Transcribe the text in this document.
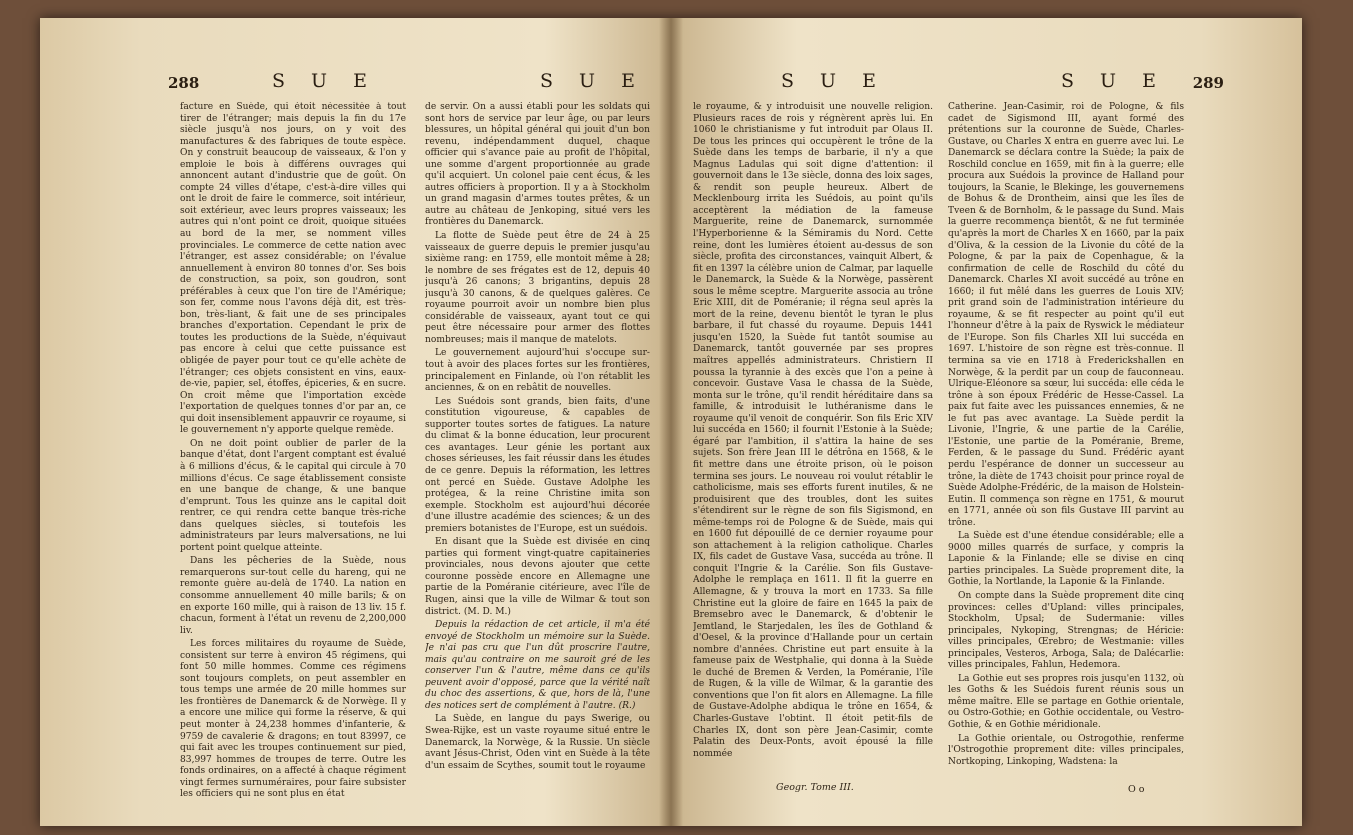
288	S U E	S U E

facture en Suède, qui étoit nécessitée à tout tirer de l'étranger; mais depuis la fin du 17e siècle jusqu'à nos jours, on y voit des manufactures & des fabriques de toute espèce. On y construit beaucoup de vaisseaux, & l'on y emploie le bois à différens ouvrages qui annoncent autant d'industrie que de goût. On compte 24 villes d'étape, c'est-à-dire villes qui ont le droit de faire le commerce, soit intérieur, soit extérieur, avec leurs propres vaisseaux; les autres qui n'ont point ce droit, quoique situées au bord de la mer, se nomment villes provinciales. Le commerce de cette nation avec l'étranger, est assez considérable; on l'évalue annuellement à environ 80 tonnes d'or. Ses bois de construction, sa poix, son goudron, sont préférables à ceux que l'on tire de l'Amérique; son fer, comme nous l'avons déjà dit, est très-bon, très-liant, & fait une de ses principales branches d'exportation. Cependant le prix de toutes les productions de la Suède, n'équivaut pas encore à celui que cette puissance est obligée de payer pour tout ce qu'elle achète de l'étranger; ces objets consistent en vins, eaux-de-vie, papier, sel, étoffes, épiceries, & en sucre. On croit même que l'importation excède l'exportation de quelques tonnes d'or par an, ce qui doit insensiblement appauvrir ce royaume, si le gouvernement n'y apporte quelque remède.

On ne doit point oublier de parler de la banque d'état, dont l'argent comptant est évalué à 6 millions d'écus, & le capital qui circule à 70 millions d'écus. Ce sage établissement consiste en une banque de change, & une banque d'emprunt. Tous les quinze ans le capital doit rentrer, ce qui rendra cette banque très-riche dans quelques siècles, si toutefois les administrateurs par leurs malversations, ne lui portent point quelque atteinte.

Dans les pêcheries de la Suède, nous remarquerons sur-tout celle du hareng, qui ne remonte guère au-delà de 1740. La nation en consomme annuellement 40 mille barils; & on en exporte 160 mille, qui à raison de 13 liv. 15 f. chacun, forment à l'état un revenu de 2,200,000 liv.

Les forces militaires du royaume de Suède, consistent sur terre à environ 45 régimens, qui font 50 mille hommes. Comme ces régimens sont toujours complets, on peut assembler en tous temps une armée de 20 mille hommes sur les frontières de Danemarck & de Norwège. Il y a encore une milice qui forme la réserve, & qui peut monter à 24,238 hommes d'infanterie, & 9759 de cavalerie & dragons; en tout 83997, ce qui fait avec les troupes continuement sur pied, 83,997 hommes de troupes de terre. Outre les fonds ordinaires, on a affecté à chaque régiment vingt fermes surnuméraires, pour faire subsister les officiers qui ne sont plus en état

de servir. On a aussi établi pour les soldats qui sont hors de service par leur âge, ou par leurs blessures, un hôpital général qui jouit d'un bon revenu, indépendamment duquel, chaque officier qui s'avance paie au profit de l'hôpital, une somme d'argent proportionnée au grade qu'il acquiert. Un colonel paie cent écus, & les autres officiers à proportion. Il y a à Stockholm un grand magasin d'armes toutes prêtes, & un autre au château de Jenkoping, situé vers les frontières du Danemarck.

La flotte de Suède peut être de 24 à 25 vaisseaux de guerre depuis le premier jusqu'au sixième rang: en 1759, elle montoit même à 28; le nombre de ses frégates est de 12, depuis 40 jusqu'à 26 canons; 3 brigantins, depuis 28 jusqu'à 30 canons, & de quelques galères. Ce royaume pourroit avoir un nombre bien plus considérable de vaisseaux, ayant tout ce qui peut être nécessaire pour armer des flottes nombreuses; mais il manque de matelots.

Le gouvernement aujourd'hui s'occupe sur-tout à avoir des places fortes sur les frontières, principalement en Finlande, où l'on rétablit les anciennes, & on en rebâtit de nouvelles.

Les Suédois sont grands, bien faits, d'une constitution vigoureuse, & capables de supporter toutes sortes de fatigues. La nature du climat & la bonne éducation, leur procurent ces avantages. Leur génie les portant aux choses sérieuses, les fait réussir dans les études de ce genre. Depuis la réformation, les lettres ont percé en Suède. Gustave Adolphe les protégea, & la reine Christine imita son exemple. Stockholm est aujourd'hui décorée d'une illustre académie des sciences; & un des premiers botanistes de l'Europe, est un suédois.

En disant que la Suède est divisée en cinq parties qui forment vingt-quatre capitaineries provinciales, nous devons ajouter que cette couronne possède encore en Allemagne une partie de la Poméranie citérieure, avec l'île de Rugen, ainsi que la ville de Wilmar & tout son district. (M. D. M.)

Depuis la rédaction de cet article, il m'a été envoyé de Stockholm un mémoire sur la Suède. Je n'ai pas cru que l'un dût proscrire l'autre, mais qu'au contraire on me sauroit gré de les conserver l'un & l'autre, même dans ce qu'ils peuvent avoir d'opposé, parce que la vérité naît du choc des assertions, & que, hors de là, l'une des notices sert de complément à l'autre. (R.)

La Suède, en langue du pays Swerige, ou Swea-Rijke, est un vaste royaume situé entre le Danemarck, la Norwège, & la Russie. Un siècle avant Jésus-Christ, Oden vint en Suède à la tête d'un essaim de Scythes, soumit tout le royaume

S U E	S U E 289

le royaume, & y introduisit une nouvelle religion. Plusieurs races de rois y régnèrent après lui. En 1060 le christianisme y fut introduit par Olaus II. De tous les princes qui occupèrent le trône de la Suède dans les temps de barbarie, il n'y a que Magnus Ladulas qui soit digne d'attention: il gouvernoit dans le 13e siècle, donna des loix sages, & rendit son peuple heureux. Albert de Mecklenbourg irrita les Suédois, au point qu'ils acceptèrent la médiation de la fameuse Marguerite, reine de Danemarck, surnommée l'Hyperborienne & la Sémiramis du Nord. Cette reine, dont les lumières étoient au-dessus de son siècle, profita des circonstances, vainquit Albert, & fit en 1397 la célèbre union de Calmar, par laquelle le Danemarck, la Suède & la Norwège, passèrent sous le même sceptre. Marguerite associa au trône Eric XIII, dit de Poméranie; il régna seul après la mort de la reine, devenu bientôt le tyran le plus barbare, il fut chassé du royaume. Depuis 1441 jusqu'en 1520, la Suède fut tantôt soumise au Danemarck, tantôt gouvernée par ses propres maîtres appellés administrateurs. Christiern II poussa la tyrannie à des excès que l'on a peine à concevoir. Gustave Vasa le chassa de la Suède, monta sur le trône, qu'il rendit héréditaire dans sa famille, & introduisit le luthéranisme dans le royaume qu'il venoit de conquérir. Son fils Eric XIV lui succéda en 1560; il fournit l'Estonie à la Suède; égaré par l'ambition, il s'attira la haine de ses sujets. Son frère Jean III le détrôna en 1568, & le fit mettre dans une étroite prison, où le poison termina ses jours. Le nouveau roi voulut rétablir le catholicisme, mais ses efforts furent inutiles, & ne produisirent que des troubles, dont les suites s'étendirent sur le règne de son fils Sigismond, en même-temps roi de Pologne & de Suède, mais qui en 1600 fut dépouillé de ce dernier royaume pour son attachement à la religion catholique. Charles IX, fils cadet de Gustave Vasa, succéda au trône. Il conquit l'Ingrie & la Carélie. Son fils Gustave-Adolphe le remplaça en 1611. Il fit la guerre en Allemagne, & y trouva la mort en 1733. Sa fille Christine eut la gloire de faire en 1645 la paix de Bremsebro avec le Danemarck, & d'obtenir le Jemtland, le Starjedalen, les îles de Gothland & d'Oesel, & la province d'Hallande pour un certain nombre d'années. Christine eut part ensuite à la fameuse paix de Westphalie, qui donna à la Suède le duché de Bremen & Verden, la Poméranie, l'île de Rugen, & la ville de Wilmar, & la garantie des conventions que l'on fit alors en Allemagne. La fille de Gustave-Adolphe abdiqua le trône en 1654, & Charles-Gustave l'obtint. Il étoit petit-fils de Charles IX, dont son père Jean-Casimir, comte Palatin des Deux-Ponts, avoit épousé la fille nommée

Catherine. Jean-Casimir, roi de Pologne, & fils cadet de Sigismond III, ayant formé des prétentions sur la couronne de Suède, Charles-Gustave, ou Charles X entra en guerre avec lui. Le Danemarck se déclara contre la Suède; la paix de Roschild conclue en 1659, mit fin à la guerre; elle procura aux Suédois la province de Halland pour toujours, la Scanie, le Blekinge, les gouvernemens de Bohus & de Drontheim, ainsi que les îles de Tveen & de Bornholm, & le passage du Sund. Mais la guerre recommença bientôt, & ne fut terminée qu'après la mort de Charles X en 1660, par la paix d'Oliva, & la cession de la Livonie du côté de la Pologne, & par la paix de Copenhague, & la confirmation de celle de Roschild du côté du Danemarck. Charles XI avoit succédé au trône en 1660; il fut mêlé dans les guerres de Louis XIV; prit grand soin de l'administration intérieure du royaume, & se fit respecter au point qu'il eut l'honneur d'être à la paix de Ryswick le médiateur de l'Europe. Son fils Charles XII lui succéda en 1697. L'histoire de son règne est très-connue. Il termina sa vie en 1718 à Frederickshallen en Norwège, & la perdit par un coup de fauconneau. Ulrique-Eléonore sa sœur, lui succéda: elle céda le trône à son époux Frédéric de Hesse-Cassel. La paix fut faite avec les puissances ennemies, & ne le fut pas avec avantage. La Suède perdit la Livonie, l'Ingrie, & une partie de la Carélie, l'Estonie, une partie de la Poméranie, Breme, Ferden, & le passage du Sund. Frédéric ayant perdu l'espérance de donner un successeur au trône, la diète de 1743 choisit pour prince royal de Suède Adolphe-Frédéric, de la maison de Holstein-Eutin. Il commença son règne en 1751, & mourut en 1771, année où son fils Gustave III parvint au trône.

La Suède est d'une étendue considérable; elle a 9000 milles quarrés de surface, y compris la Laponie & la Finlande; elle se divise en cinq parties principales. La Suède proprement dite, la Gothie, la Nortlande, la Laponie & la Finlande.

On compte dans la Suède proprement dite cinq provinces: celles d'Upland: villes principales, Stockholm, Upsal; de Sudermanie: villes principales, Nykoping, Strengnas; de Héricie: villes principales, Œrebro; de Westmanie: villes principales, Vesteros, Arboga, Sala; de Dalécarlie: villes principales, Fahlun, Hedemora.

La Gothie eut ses propres rois jusqu'en 1132, où les Goths & les Suédois furent réunis sous un même maître. Elle se partage en Gothie orientale, ou Ostro-Gothie; en Gothie occidentale, ou Vestro-Gothie, & en Gothie méridionale.

La Gothie orientale, ou Ostrogothie, renferme l'Ostrogothie proprement dite: villes principales, Nortkoping, Linkoping, Wadstena: la

Geogr. Tome III.	O o
